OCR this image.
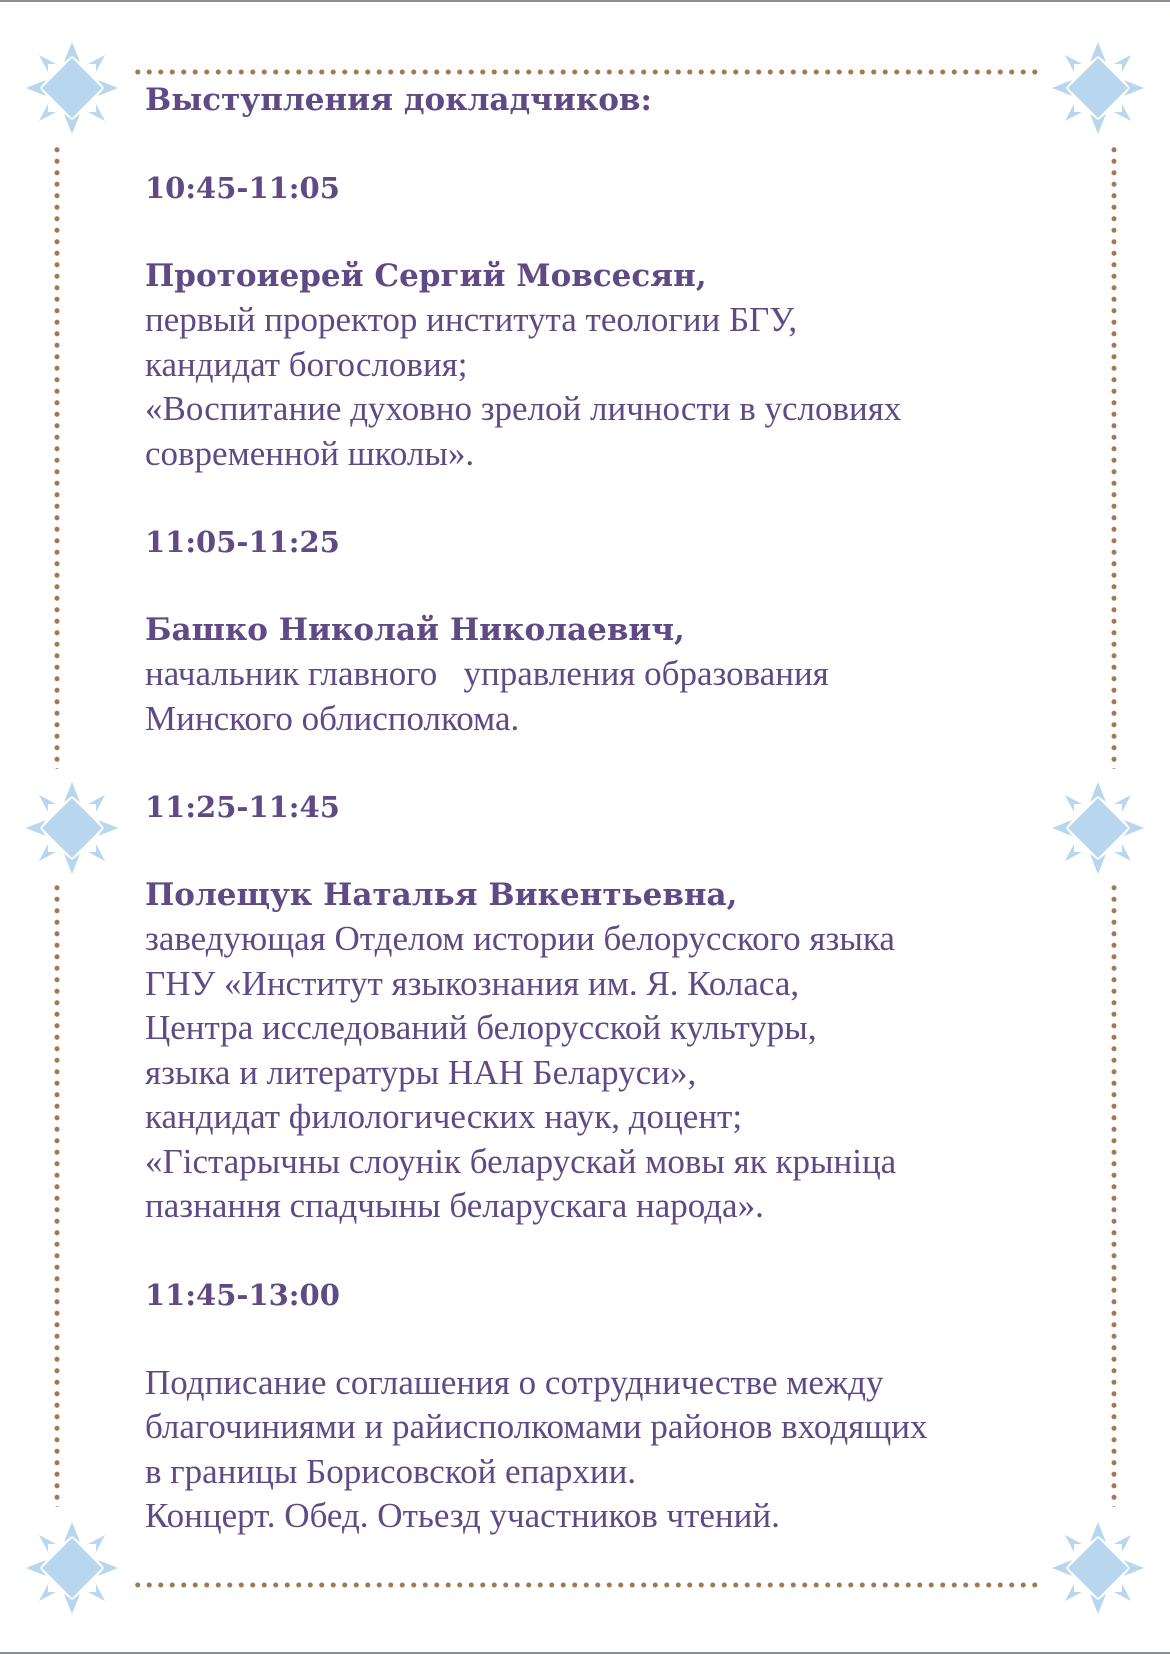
Выступления докладчиков:

10:45-11:05

Протоиерей Сергий Мовсесян,

первый проректор института теологии БГУ,

кандидат богословия;

«Воспитание духовно зрелой личности в условиях

современной школы».

11:05-11:25

Башко Николай Николаевич,

начальник главного   управления образования

Минского облисполкома.

11:25-11:45

Полещук Наталья Викентьевна,

заведующая Отделом истории белорусского языка

ГНУ «Институт языкознания им. Я. Коласа,

Центра исследований белорусской культуры,

языка и литературы НАН Беларуси»,

кандидат филологических наук, доцент;

«Гістарычны слоунік беларускай мовы як крыніца

пазнання спадчыны беларускага народа».

11:45-13:00

Подписание соглашения о сотрудничестве между

благочиниями и райисполкомами районов входящих

в границы Борисовской епархии.

Концерт. Обед. Отьезд участников чтений.
